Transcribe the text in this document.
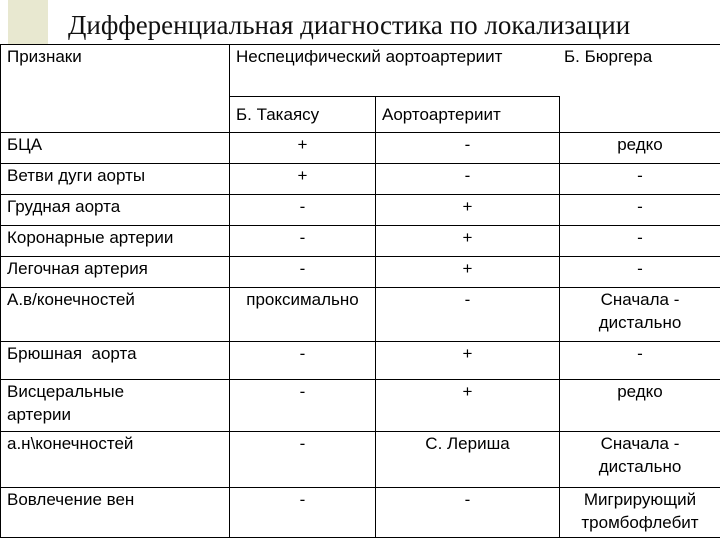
Дифференциальная диагностика по локализации
Признаки	Неспецифический аортоартериит		Б. Бюргера
	Б. Такаясу	Аортоартериит	
БЦА	+	-	редко
Ветви дуги аорты	+	-	-
Грудная аорта	-	+	-
Коронарные артерии	-	+	-
Легочная артерия	-	+	-
А.в/конечностей	проксимально	-	Сначала - дистально
Брюшная  аорта	-	+	-
Висцеральные артерии	-	+	редко
а.н\конечностей	-	С. Лериша	Сначала - дистально
Вовлечение вен	-	-	Мигрирующий тромбофлебит
